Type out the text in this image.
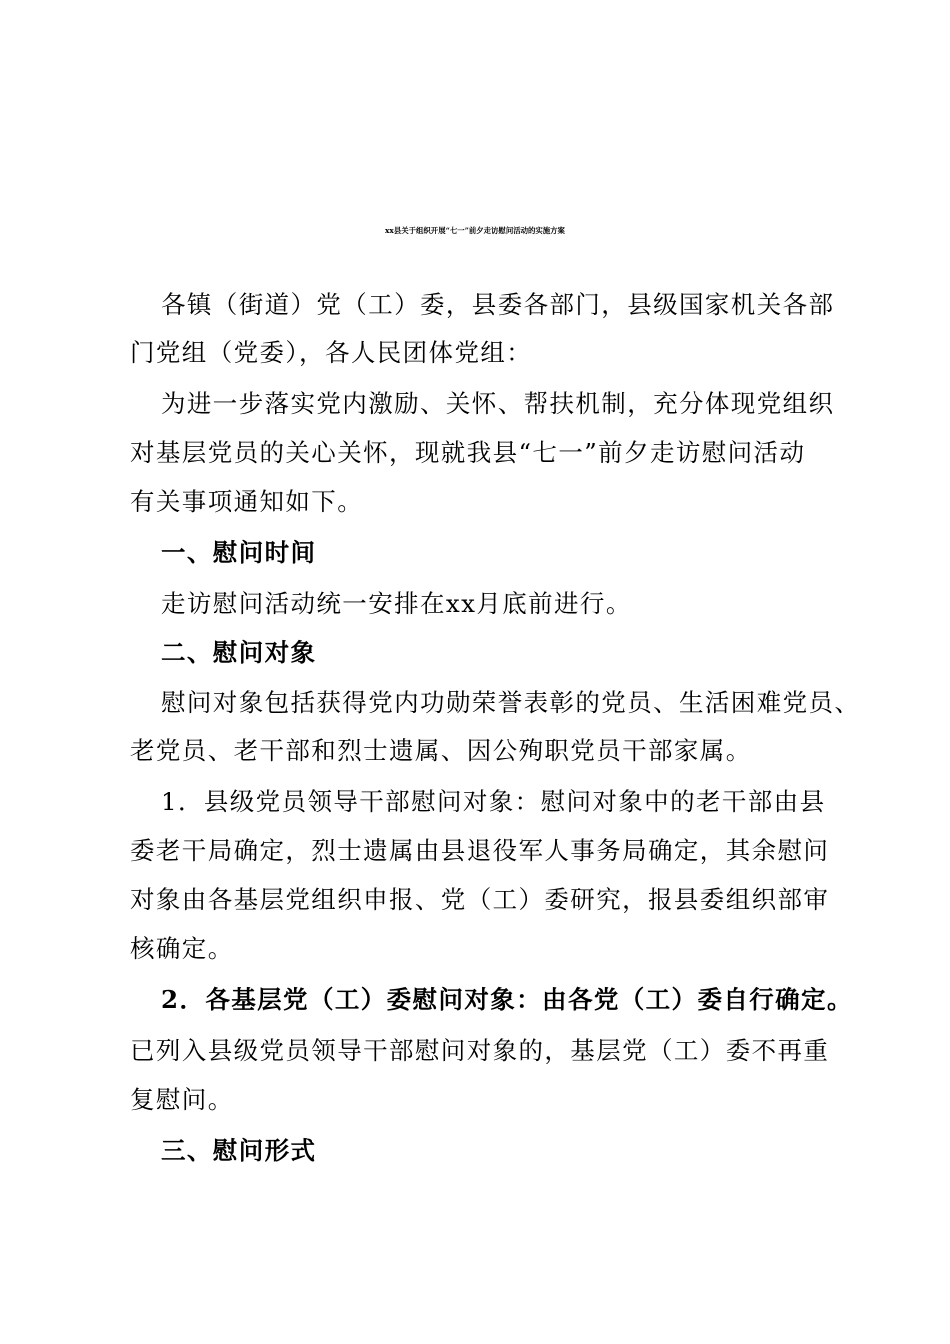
xx县关于组织开展“七一”前夕走访慰问活动的实施方案
各镇（街道）党（工）委，县委各部门，县级国家机关各部
门党组（党委），各人民团体党组：
为进一步落实党内激励、关怀、帮扶机制，充分体现党组织
对基层党员的关心关怀，现就我县“七一”前夕走访慰问活动
有关事项通知如下。
一、慰问时间
走访慰问活动统一安排在xx月底前进行。
二、慰问对象
慰问对象包括获得党内功勋荣誉表彰的党员、生活困难党员、
老党员、老干部和烈士遗属、因公殉职党员干部家属。
1．县级党员领导干部慰问对象：慰问对象中的老干部由县
委老干局确定，烈士遗属由县退役军人事务局确定，其余慰问
对象由各基层党组织申报、党（工）委研究，报县委组织部审
核确定。
2．各基层党（工）委慰问对象：由各党（工）委自行确定。
已列入县级党员领导干部慰问对象的，基层党（工）委不再重
复慰问。
三、慰问形式
